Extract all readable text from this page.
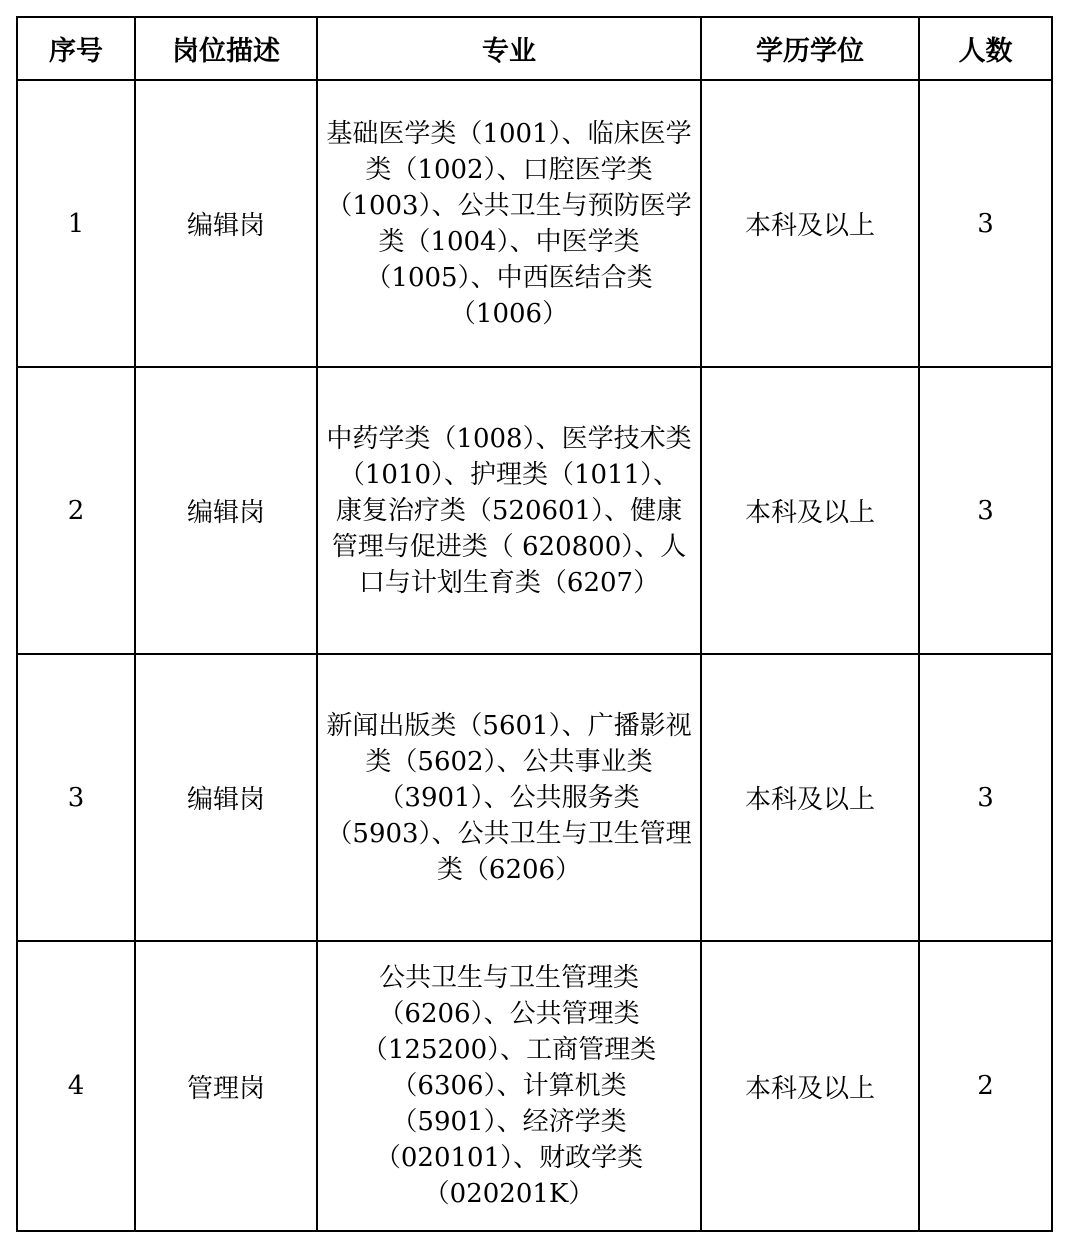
序号	岗位描述	专业	学历学位	人数
1	编辑岗	基础医学类（1001）、临床医学类（1002）、口腔医学类（1003）、公共卫生与预防医学类（1004）、中医学类（1005）、中西医结合类（1006）	本科及以上	3
2	编辑岗	中药学类（1008）、医学技术类（1010）、护理类（1011）、康复治疗类（520601）、健康管理与促进类（ 620800）、人口与计划生育类（6207）	本科及以上	3
3	编辑岗	新闻出版类（5601）、广播影视类（5602）、公共事业类（3901）、公共服务类（5903）、公共卫生与卫生管理类（6206）	本科及以上	3
4	管理岗	公共卫生与卫生管理类（6206）、公共管理类（125200）、工商管理类（6306）、计算机类（5901）、经济学类（020101）、财政学类（020201K）	本科及以上	2
